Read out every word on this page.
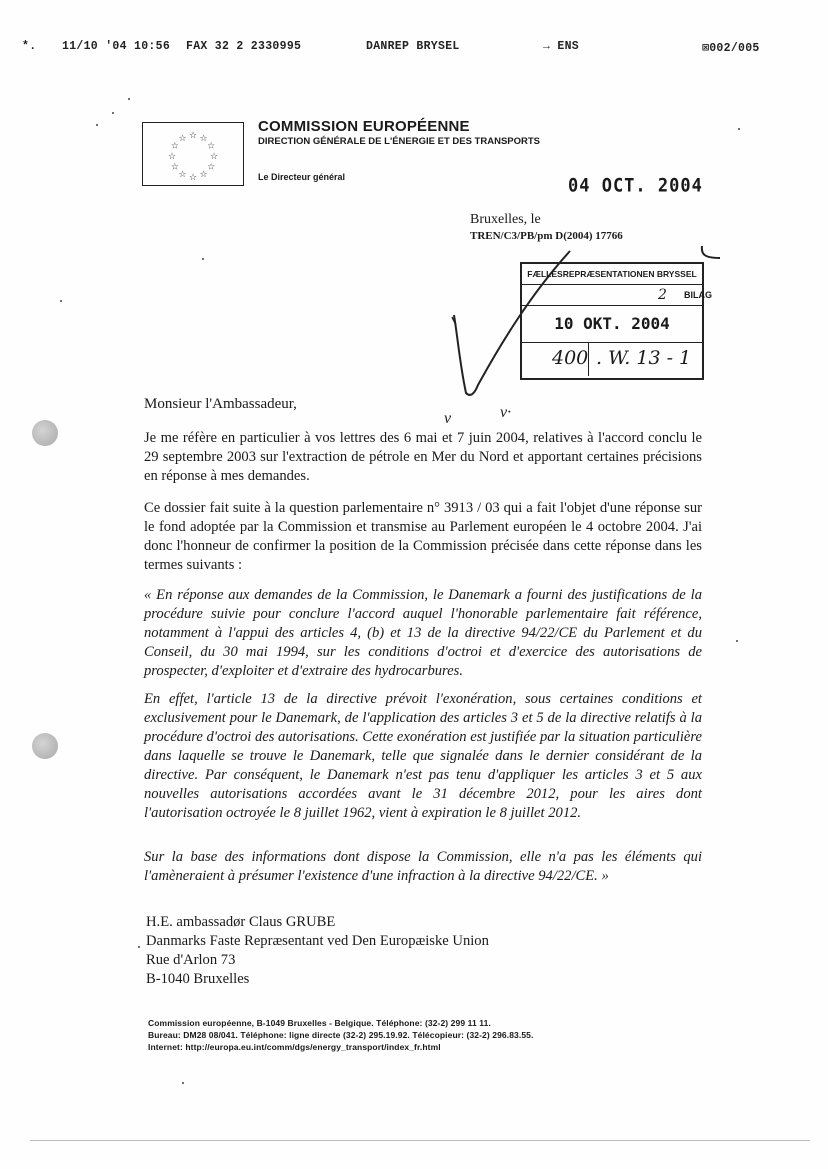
*. 11/10 '04 10:56 FAX 32 2 2330995	DANREP BRYSEL	→ ENS	⊠002/005
☆ ☆
☆
☆
☆
☆
☆
☆
☆
☆
☆
☆
COMMISSION EUROPÉENNE
DIRECTION GÉNÉRALE DE L'ÉNERGIE ET DES TRANSPORTS
Le Directeur général	04 OCT. 2004
Bruxelles, le
TREN/C3/PB/pm D(2004) 17766
FÆLLESREPRÆSENTATIONEN BRYSSEL
2 BILAG
10 OKT. 2004
400 . W. 13 - 1
Monsieur l'Ambassadeur,
v	v·

Je me réfère en particulier à vos lettres des 6 mai et 7 juin 2004, relatives à l'accord conclu le 29 septembre 2003 sur l'extraction de pétrole en Mer du Nord et apportant certaines précisions en réponse à mes demandes.

Ce dossier fait suite à la question parlementaire n° 3913 / 03 qui a fait l'objet d'une réponse sur le fond adoptée par la Commission et transmise au Parlement européen le 4 octobre 2004. J'ai donc l'honneur de confirmer la position de la Commission précisée dans cette réponse dans les termes suivants :

« En réponse aux demandes de la Commission, le Danemark a fourni des justifications de la procédure suivie pour conclure l'accord auquel l'honorable parlementaire fait référence, notamment à l'appui des articles 4, (b) et 13 de la directive 94/22/CE du Parlement et du Conseil, du 30 mai 1994, sur les conditions d'octroi et d'exercice des autorisations de prospecter, d'exploiter et d'extraire des hydrocarbures.

En effet, l'article 13 de la directive prévoit l'exonération, sous certaines conditions et exclusivement pour le Danemark, de l'application des articles 3 et 5 de la directive relatifs à la procédure d'octroi des autorisations. Cette exonération est justifiée par la situation particulière dans laquelle se trouve le Danemark, telle que signalée dans le dernier considérant de la directive. Par conséquent, le Danemark n'est pas tenu d'appliquer les articles 3 et 5 aux nouvelles autorisations accordées avant le 31 décembre 2012, pour les aires dont l'autorisation octroyée le 8 juillet 1962, vient à expiration le 8 juillet 2012.

Sur la base des informations dont dispose la Commission, elle n'a pas les éléments qui l'amèneraient à présumer l'existence d'une infraction à la directive 94/22/CE. »

H.E. ambassadør Claus GRUBE
Danmarks Faste Repræsentant ved Den Europæiske Union
Rue d'Arlon 73
B-1040 Bruxelles
Commission européenne, B-1049 Bruxelles - Belgique. Téléphone: (32-2) 299 11 11.
Bureau: DM28 08/041. Téléphone: ligne directe (32-2) 295.19.92. Télécopieur: (32-2) 296.83.55.
Internet: http://europa.eu.int/comm/dgs/energy_transport/index_fr.html
